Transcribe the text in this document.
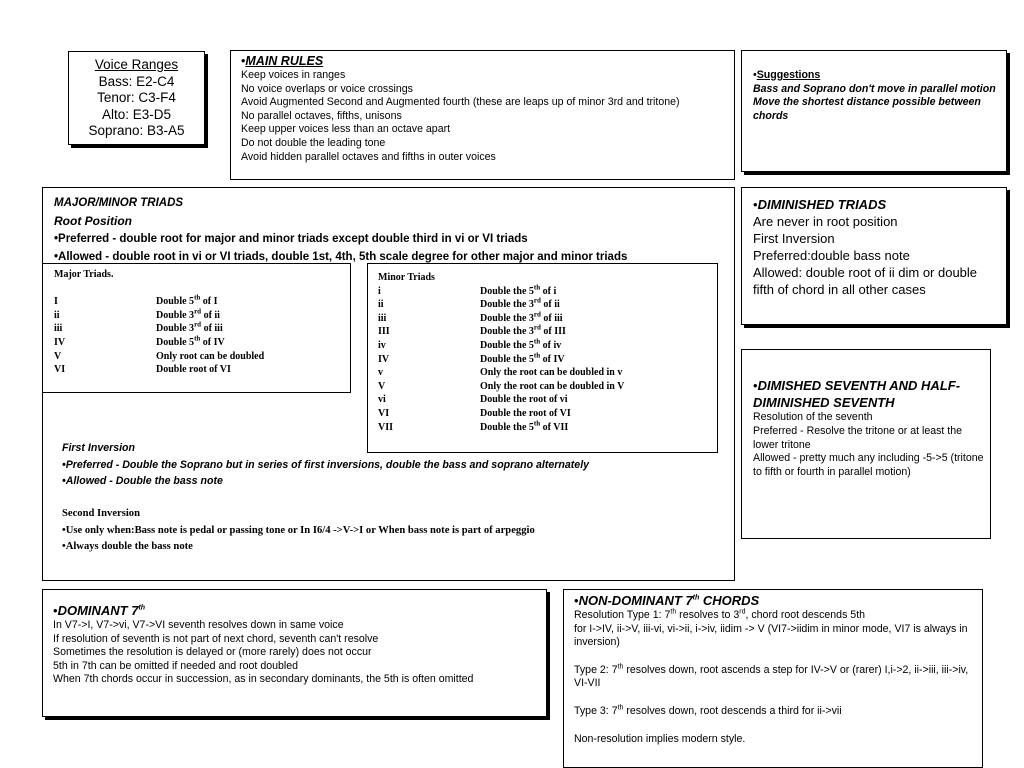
Voice Ranges
Bass: E2-C4
Tenor: C3-F4
Alto: E3-D5
Soprano: B3-A5
•MAIN RULES
Keep voices in ranges
No voice overlaps or voice crossings
Avoid Augmented Second and Augmented fourth (these are leaps up of minor 3rd and tritone)
No parallel octaves, fifths, unisons
Keep upper voices less than an octave apart
Do not double the leading tone
Avoid hidden parallel octaves and fifths in outer voices
•Suggestions
Bass and Soprano don't move in parallel motion
Move the shortest distance possible between chords
MAJOR/MINOR TRIADS
Root Position
•Preferred - double root for major and minor triads except double third in vi or VI triads
•Allowed - double root in vi or VI triads, double 1st, 4th, 5th scale degree for other major and minor triads
First Inversion
•Preferred - Double the Soprano but in series of first inversions, double the bass and soprano alternately
•Allowed - Double the bass note
Second Inversion
•Use only when:Bass note is pedal or passing tone or In I6/4 ->V->I or When bass note is part of arpeggio
•Always double the bass note
Major Triads.
I	Double 5th of I
ii	Double 3rd of ii
iii	Double 3rd of iii
IV	Double 5th of IV
V	Only root can be doubled

VI	Double root of VI
Minor Triads
i	Double the 5th of i
ii	Double the 3rd of ii
iii	Double the 3rd of iii
III	Double the 3rd of III
iv	Double the 5th of iv
IV	Double the 5th of IV
v	Only the root can be doubled in v
V	Only the root can be doubled in V
vi	Double the root of vi
VI	Double the root of VI
VII	Double the 5th of VII
•DIMINISHED TRIADS
Are never in root position
First Inversion
Preferred:double bass note
Allowed: double root of ii dim or double fifth of chord in all other cases
•DIMISHED SEVENTH AND HALF-DIMINISHED SEVENTH
Resolution of the seventh
Preferred - Resolve the tritone or at least the lower tritone
Allowed - pretty much any including -5->5 (tritone to fifth or fourth in parallel motion)
•DOMINANT 7th
In V7->I, V7->vi, V7->VI seventh resolves down in same voice
If resolution of seventh is not part of next chord, seventh can't resolve
Sometimes the resolution is delayed or (more rarely) does not occur
5th in 7th can be omitted if needed and root doubled
When 7th chords occur in succession, as in secondary dominants, the 5th is often omitted
•NON-DOMINANT 7th CHORDS
Resolution Type 1: 7th resolves to 3rd, chord root descends 5th
for I->IV, ii->V, iii-vi, vi->ii, i->iv, iidim -> V (VI7->iidim in minor mode, VI7 is always in inversion)
Type 2: 7th resolves down, root ascends a step for IV->V or (rarer) I,i->2, ii->iii, iii->iv, VI-VII
Type 3: 7th resolves down, root descends a third for ii->vii
Non-resolution implies modern style.
